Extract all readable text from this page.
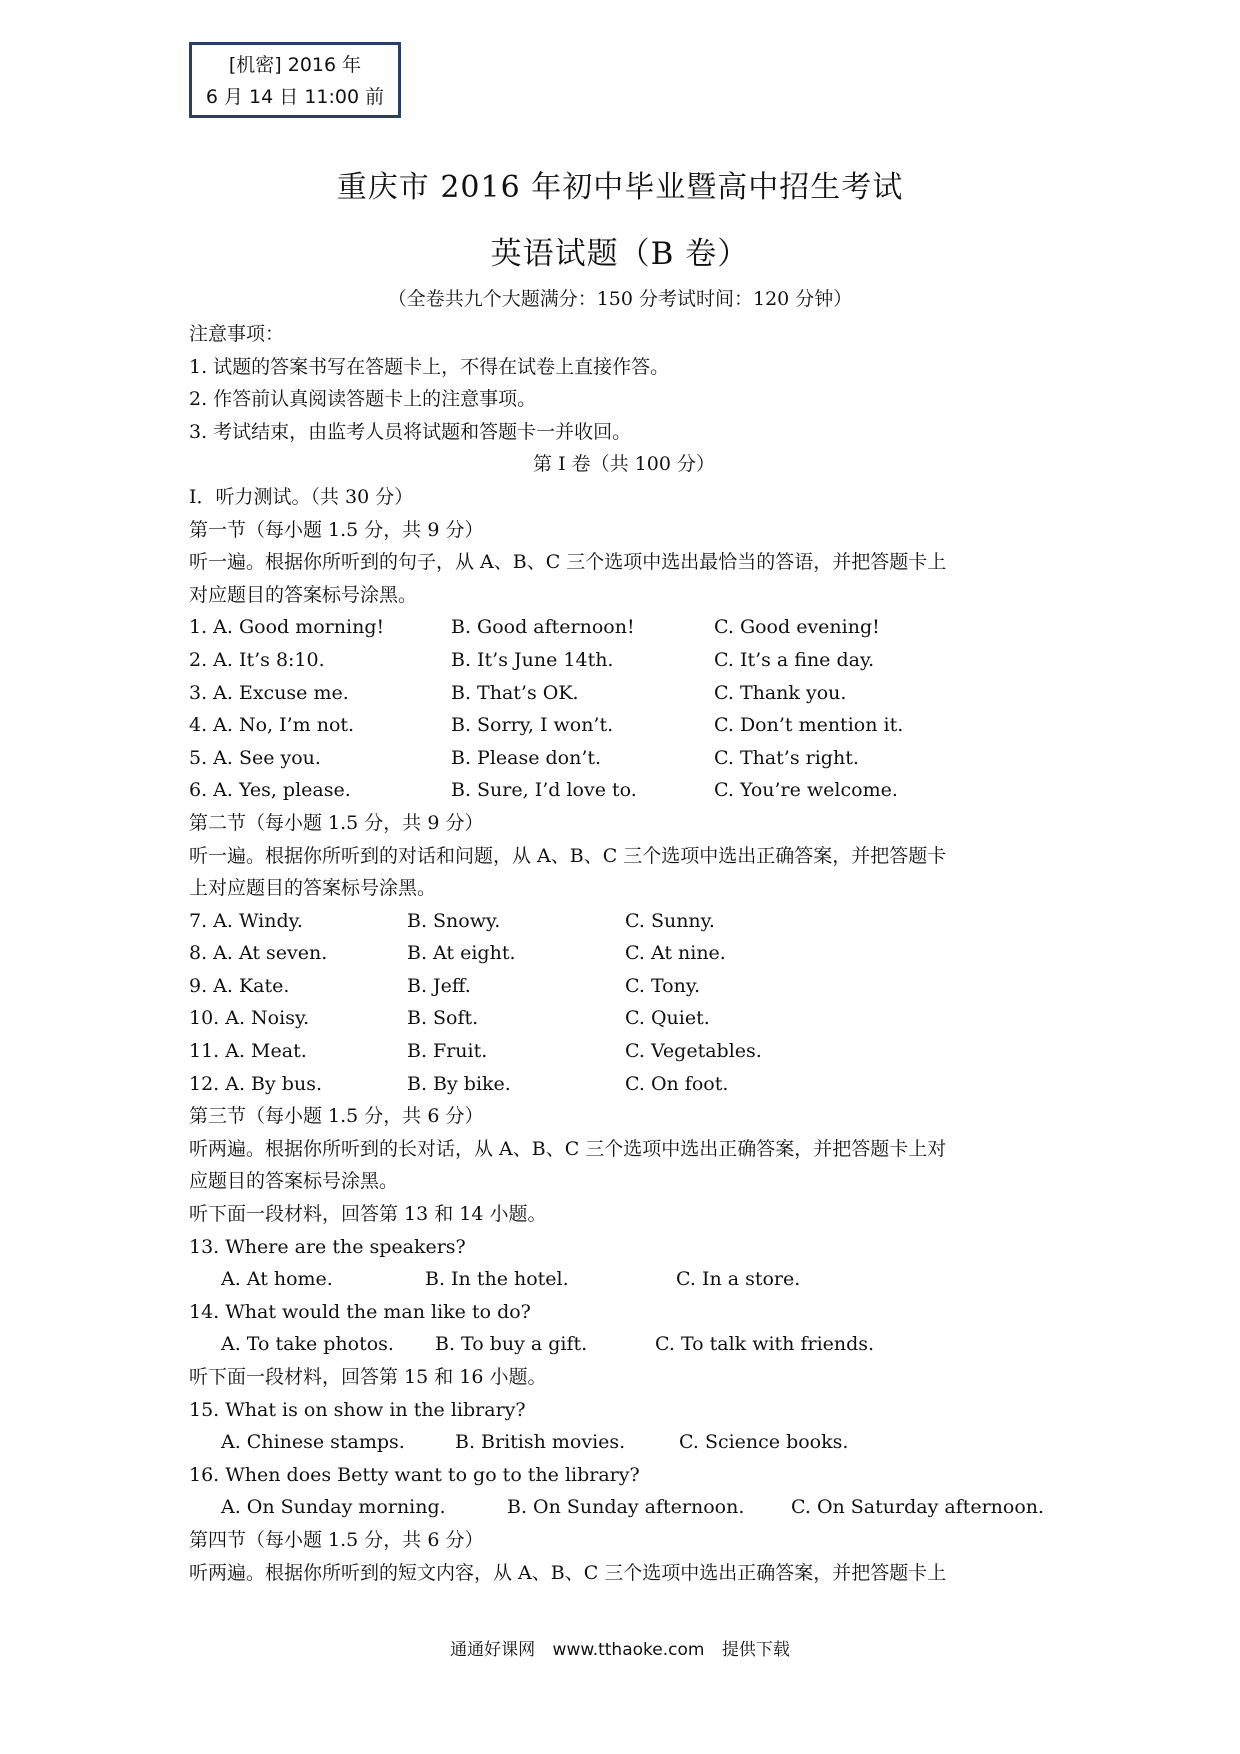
[机密] 2016 年
6 月 14 日 11:00 前
重庆市 2016 年初中毕业暨高中招生考试
英语试题（B 卷）
（全卷共九个大题满分：150 分考试时间：120 分钟）
注意事项：
1. 试题的答案书写在答题卡上，不得在试卷上直接作答。
2. 作答前认真阅读答题卡上的注意事项。
3. 考试结束，由监考人员将试题和答题卡一并收回。
第 I 卷（共 100 分）
I．听力测试。（共 30 分）
第一节（每小题 1.5 分，共 9 分）
听一遍。根据你所听到的句子，从 A、B、C 三个选项中选出最恰当的答语，并把答题卡上
对应题目的答案标号涂黑。
1. A. Good morning!	B. Good afternoon!	C. Good evening!
2. A. It’s 8:10.	B. It’s June 14th.	C. It’s a fine day.
3. A. Excuse me.	B. That’s OK.	C. Thank you.
4. A. No, I’m not.	B. Sorry, I won’t.	C. Don’t mention it.
5. A. See you.	B. Please don’t.	C. That’s right.
6. A. Yes, please.	B. Sure, I’d love to.	C. You’re welcome.
第二节（每小题 1.5 分，共 9 分）
听一遍。根据你所听到的对话和问题，从 A、B、C 三个选项中选出正确答案，并把答题卡
上对应题目的答案标号涂黑。
7. A. Windy.	B. Snowy.	C. Sunny.
8. A. At seven.	B. At eight.	C. At nine.
9. A. Kate.	B. Jeff.	C. Tony.
10. A. Noisy.	B. Soft.	C. Quiet.
11. A. Meat.	B. Fruit.	C. Vegetables.
12. A. By bus.	B. By bike.	C. On foot.
第三节（每小题 1.5 分，共 6 分）
听两遍。根据你所听到的长对话，从 A、B、C 三个选项中选出正确答案，并把答题卡上对
应题目的答案标号涂黑。
听下面一段材料，回答第 13 和 14 小题。
13. Where are the speakers?
A. At home.	B. In the hotel.	C. In a store.
14. What would the man like to do?
A. To take photos. B. To buy a gift.	C. To talk with friends.
听下面一段材料，回答第 15 和 16 小题。
15. What is on show in the library?
A. Chinese stamps.	B. British movies.	C. Science books.
16. When does Betty want to go to the library?
A. On Sunday morning.	B. On Sunday afternoon. C. On Saturday afternoon.
第四节（每小题 1.5 分，共 6 分）
听两遍。根据你所听到的短文内容，从 A、B、C 三个选项中选出正确答案，并把答题卡上
通通好课网 www.tthaoke.com 提供下载
